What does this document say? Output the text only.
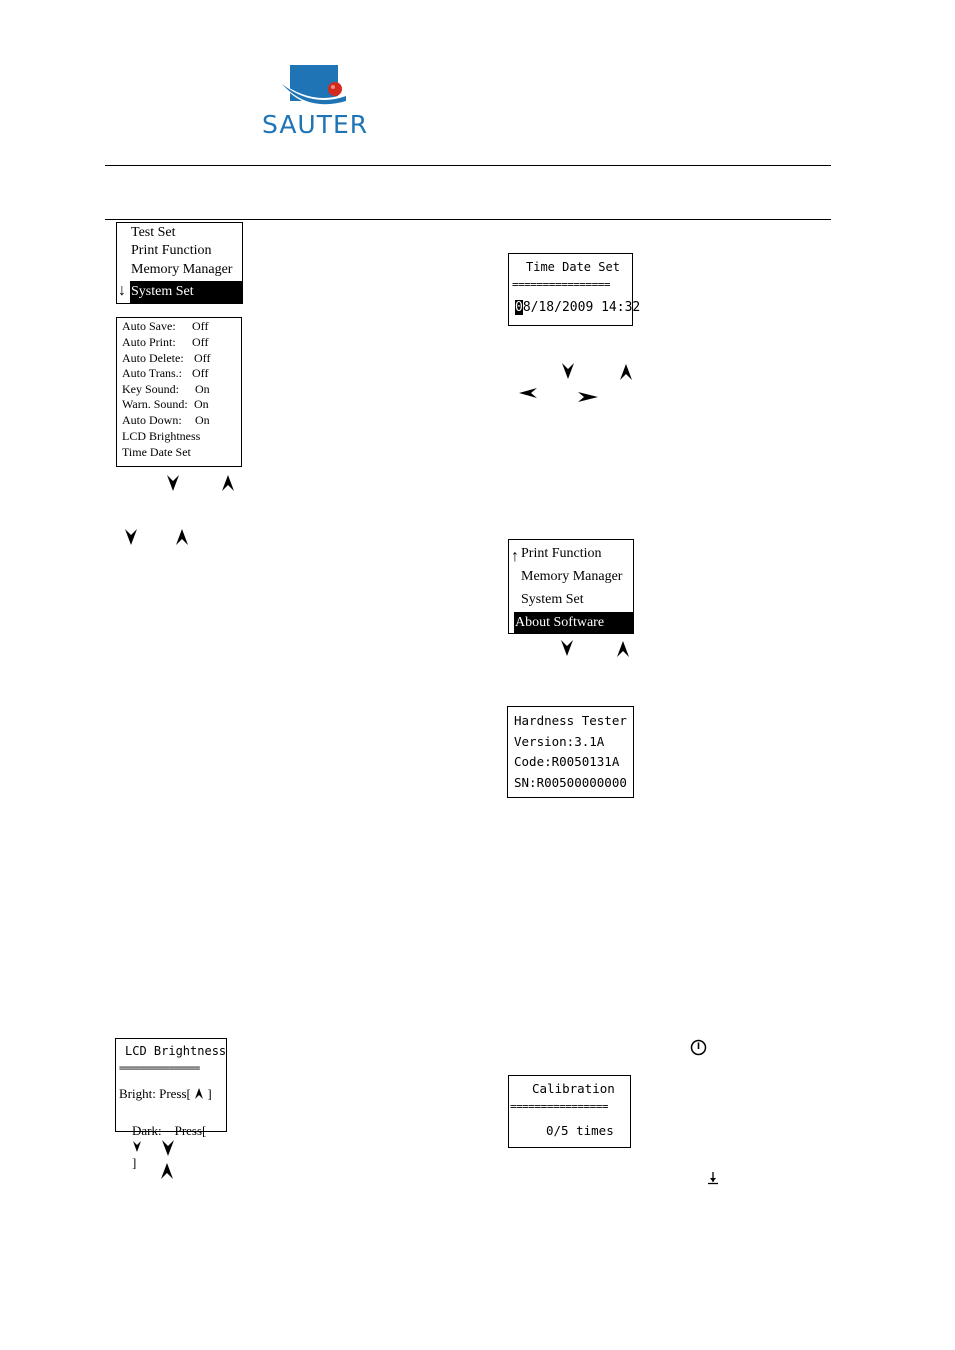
SAUTER
Test Set
Print Function
Memory Manager
↓ System Set
Auto Save: Off
Auto Print: Off
Auto Delete: Off
Auto Trans.: Off
Key Sound: On
Warn. Sound: On
Auto Down: On
LCD Brightness
Time Date Set
LCD Brightness
================
Bright: Press[ ]

Dark:    Press[

]

Time Date Set
================
08/18/2009 14:32
↑ Print Function
Memory Manager
System Set
About Software
Hardness Tester
Version:3.1A
Code:R0050131A
SN:R00500000000
Calibration
================
0/5 times
